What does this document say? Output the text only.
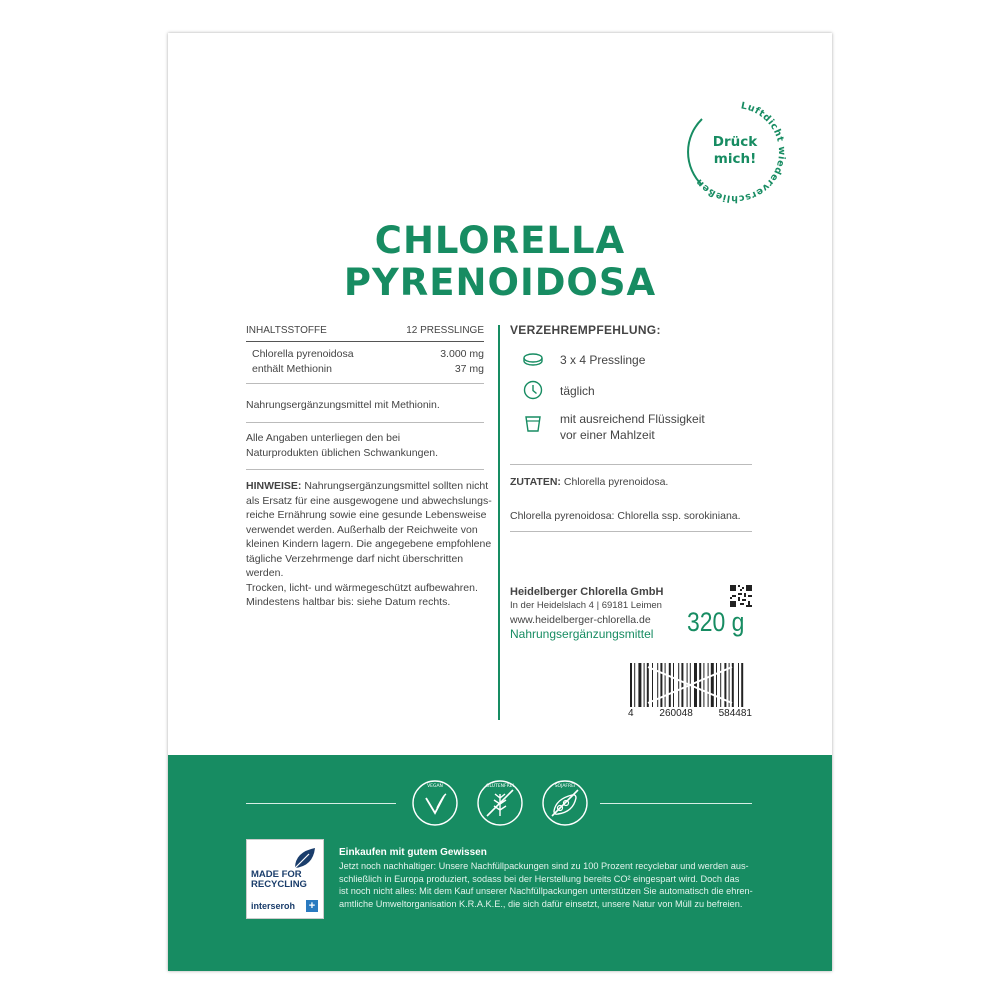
Luftdicht wiederverschließen
Drück
mich!
CHLORELLA
PYRENOIDOSA
INHALTSSTOFFE	12 PRESSLINGE
Chlorella pyrenoidosa	3.000 mg
enthält Methionin	37 mg
Nahrungsergänzungsmittel mit Methionin.
Alle Angaben unterliegen den bei Naturprodukten üblichen Schwankungen.
HINWEISE: Nahrungsergänzungsmittel sollten nicht
als Ersatz für eine ausgewogene und abwechslungs-
reiche Ernährung sowie eine gesunde Lebensweise
verwendet werden. Außerhalb der Reichweite von
kleinen Kindern lagern. Die angegebene empfohlene
tägliche Verzehrmenge darf nicht überschritten werden.
Trocken, licht- und wärmegeschützt aufbewahren.
Mindestens haltbar bis: siehe Datum rechts.
VERZEHREMPFEHLUNG:
3 x 4 Presslinge
täglich
mit ausreichend Flüssigkeit
vor einer Mahlzeit
ZUTATEN: Chlorella pyrenoidosa.
Chlorella pyrenoidosa: Chlorella ssp. sorokiniana.
Heidelberger Chlorella GmbH
In der Heidelslach 4 | 69181 Leimen
www.heidelberger-chlorella.de
Nahrungsergänzungsmittel	320 g
4	260048	584481
VEGAN	GLUTENFREI	SOJAFREI
MADE FOR
RECYCLING
interseroh +
Einkaufen mit gutem Gewissen
Jetzt noch nachhaltiger: Unsere Nachfüllpackungen sind zu 100 Prozent recyclebar und werden aus-
schließlich in Europa produziert, sodass bei der Herstellung bereits CO² eingespart wird. Doch das
ist noch nicht alles: Mit dem Kauf unserer Nachfüllpackungen unterstützen Sie automatisch die ehren-
amtliche Umweltorganisation K.R.A.K.E., die sich dafür einsetzt, unsere Natur von Müll zu befreien.
